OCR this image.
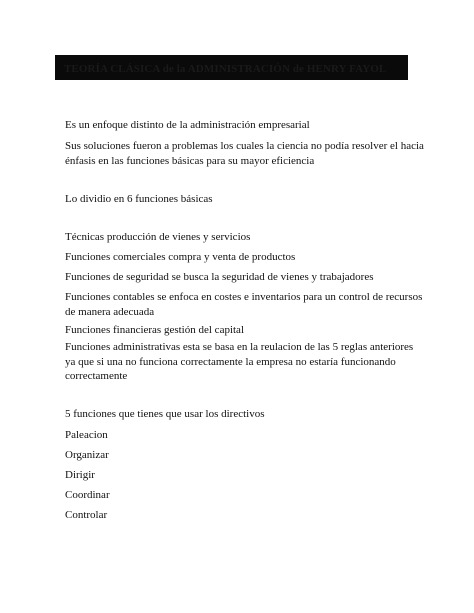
TEORÍA CLÁSICA de la ADMINISTRACIÓN de HENRY FAYOL

Es un enfoque distinto de la administración empresarial

Sus soluciones fueron a problemas los cuales la ciencia no podía resolver el hacia énfasis en las funciones básicas para su mayor eficiencia

Lo dividio en 6 funciones básicas

Técnicas producción de vienes y servicios

Funciones comerciales compra y venta de productos

Funciones de seguridad se busca la seguridad de vienes y trabajadores

Funciones contables se enfoca en costes e inventarios para un control de recursos de manera adecuada

Funciones financieras gestión del capital

Funciones administrativas esta se basa en la reulacion de las 5 reglas anteriores ya que si una no funciona correctamente la empresa no estaría funcionando correctamente

5 funciones que tienes que usar los directivos

Paleacion

Organizar

Dirigir

Coordinar

Controlar
